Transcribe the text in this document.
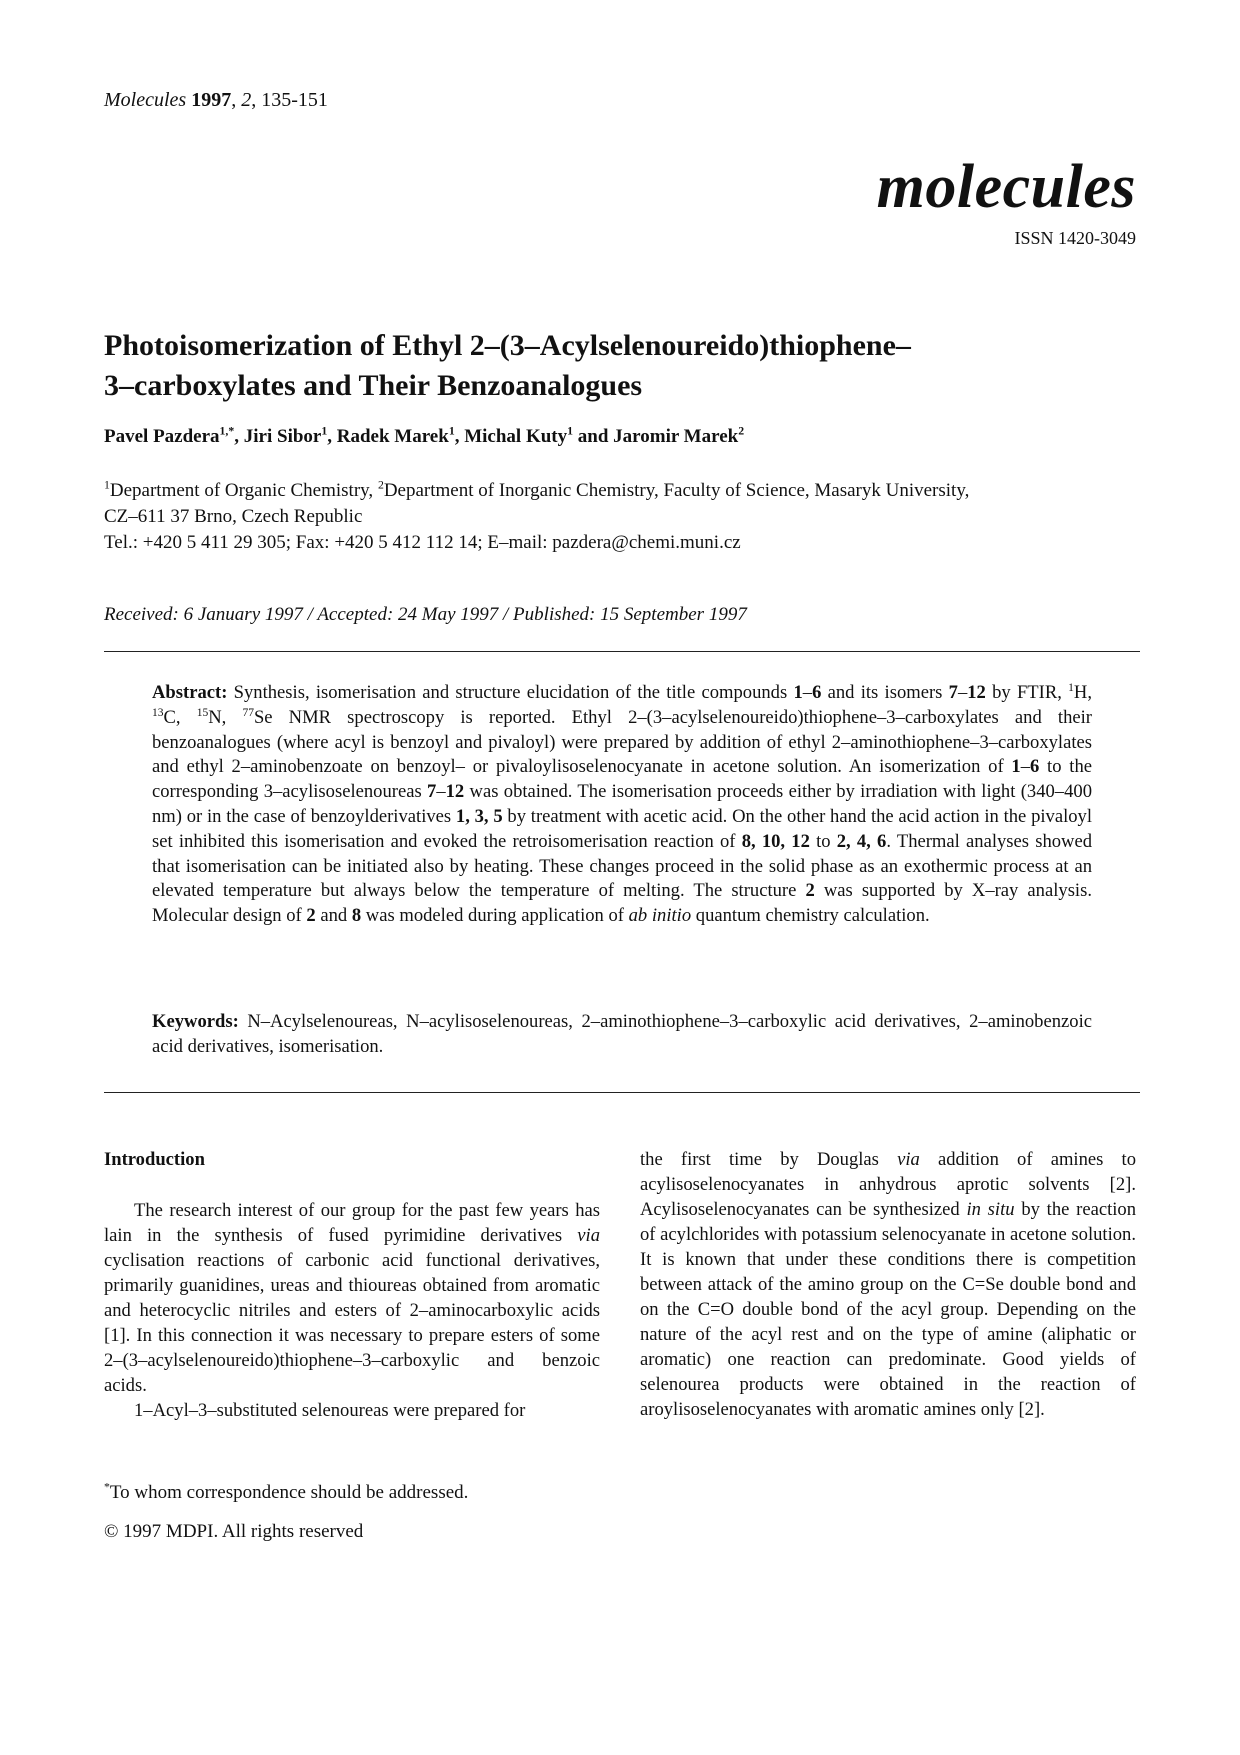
Molecules 1997, 2, 135-151
molecules
ISSN 1420-3049
Photoisomerization of Ethyl 2–(3–Acylselenoureido)thiophene–
3–carboxylates and Their Benzoanalogues
Pavel Pazdera$^{1,*}$, Jiri Sibor$^1$, Radek Marek$^1$, Michal Kuty$^1$ and Jaromir Marek$^2$
$^1$Department of Organic Chemistry, $^2$Department of Inorganic Chemistry, Faculty of Science, Masaryk University,
CZ–611 37 Brno, Czech Republic
Tel.: +420 5 411 29 305; Fax: +420 5 412 112 14; E–mail: pazdera@chemi.muni.cz
Received: 6 January 1997 / Accepted: 24 May 1997 / Published: 15 September 1997
Abstract: Synthesis, isomerisation and structure elucidation of the title compounds 1–6 and its isomers 7–12 by FTIR, $^1$H, $^{13}$C, $^{15}$N, $^{77}$Se NMR spectroscopy is reported. Ethyl 2–(3–acylselenoureido)thiophene–3–carboxylates and their benzoanalogues (where acyl is benzoyl and pivaloyl) were prepared by addition of ethyl 2–aminothiophene–3–carboxylates and ethyl 2–aminobenzoate on benzoyl– or pivaloylisoselenocyanate in acetone solution. An isomerization of 1–6 to the corresponding 3–acylisoselenoureas 7–12 was obtained. The isomerisation proceeds either by irradiation with light (340–400 nm) or in the case of benzoylderivatives 1, 3, 5 by treatment with acetic acid. On the other hand the acid action in the pivaloyl set inhibited this isomerisation and evoked the retroisomerisation reaction of 8, 10, 12 to 2, 4, 6. Thermal analyses showed that isomerisation can be initiated also by heating. These changes proceed in the solid phase as an exothermic process at an elevated temperature but always below the temperature of melting. The structure 2 was supported by X–ray analysis. Molecular design of 2 and 8 was modeled during application of ab initio quantum chemistry calculation.
Keywords: N–Acylselenoureas, N–acylisoselenoureas, 2–aminothiophene–3–carboxylic acid derivatives, 2–aminobenzoic acid derivatives, isomerisation.
Introduction

The research interest of our group for the past few years has lain in the synthesis of fused pyrimidine derivatives via cyclisation reactions of carbonic acid functional derivatives, primarily guanidines, ureas and thioureas obtained from aromatic and heterocyclic nitriles and esters of 2–aminocarboxylic acids [1]. In this connection it was necessary to prepare esters of some 2–(3–acylselenoureido)thiophene–3–carboxylic and benzoic acids.

1–Acyl–3–substituted selenoureas were prepared for

the first time by Douglas via addition of amines to acylisoselenocyanates in anhydrous aprotic solvents [2]. Acylisoselenocyanates can be synthesized in situ by the reaction of acylchlorides with potassium selenocyanate in acetone solution. It is known that under these conditions there is competition between attack of the amino group on the C=Se double bond and on the C=O double bond of the acyl group. Depending on the nature of the acyl rest and on the type of amine (aliphatic or aromatic) one reaction can predominate. Good yields of selenourea products were obtained in the reaction of aroylisoselenocyanates with aromatic amines only [2].

*To whom correspondence should be addressed.
© 1997 MDPI. All rights reserved
